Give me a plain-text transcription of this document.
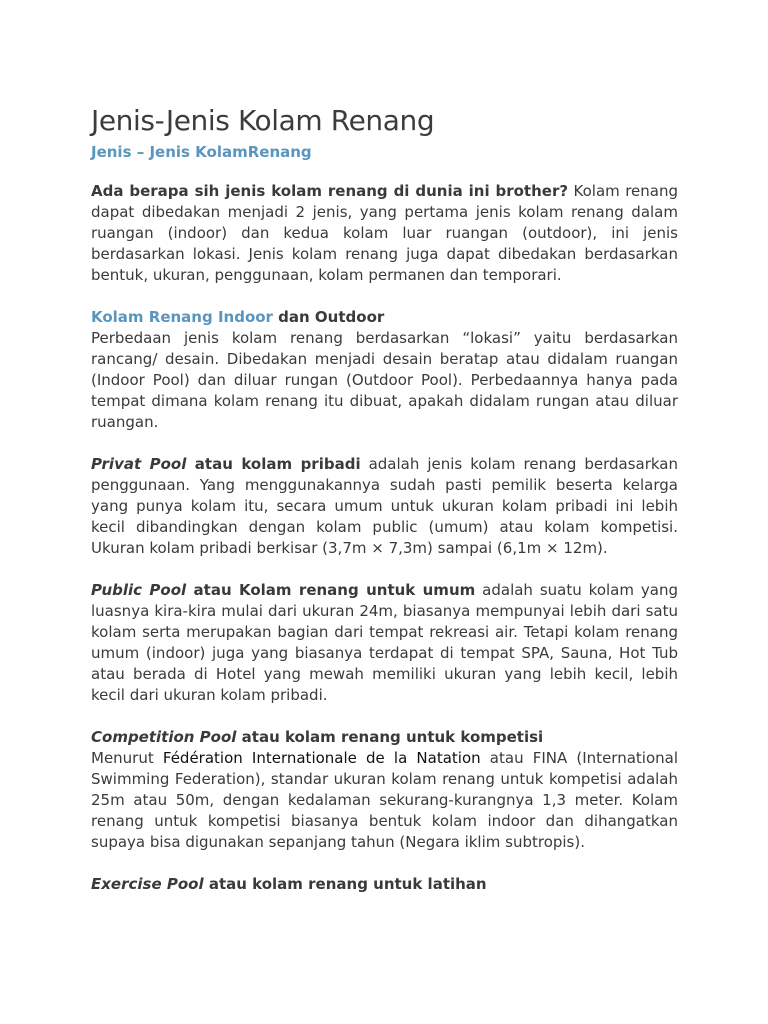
Jenis-Jenis Kolam Renang
Jenis – Jenis KolamRenang

Ada berapa sih jenis kolam renang di dunia ini brother? Kolam renang dapat dibedakan menjadi 2 jenis, yang pertama jenis kolam renang dalam ruangan (indoor) dan kedua kolam luar ruangan (outdoor), ini jenis berdasarkan lokasi. Jenis kolam renang juga dapat dibedakan berdasarkan bentuk, ukuran, penggunaan, kolam permanen dan temporari.

Kolam Renang Indoor dan Outdoor

Perbedaan jenis kolam renang berdasarkan “lokasi” yaitu berdasarkan rancang/ desain. Dibedakan menjadi desain beratap atau didalam ruangan (Indoor Pool) dan diluar rungan (Outdoor Pool). Perbedaannya hanya pada tempat dimana kolam renang itu dibuat, apakah didalam rungan atau diluar ruangan.

Privat Pool atau kolam pribadi adalah jenis kolam renang berdasarkan penggunaan. Yang menggunakannya sudah pasti pemilik beserta kelarga yang punya kolam itu, secara umum untuk ukuran kolam pribadi ini lebih kecil dibandingkan dengan kolam public (umum) atau kolam kompetisi. Ukuran kolam pribadi berkisar (3,7m × 7,3m) sampai (6,1m × 12m).

Public Pool atau Kolam renang untuk umum adalah suatu kolam yang luasnya kira-kira mulai dari ukuran 24m, biasanya mempunyai lebih dari satu kolam serta merupakan bagian dari tempat rekreasi air. Tetapi kolam renang umum (indoor) juga yang biasanya terdapat di tempat SPA, Sauna, Hot Tub atau berada di Hotel yang mewah memiliki ukuran yang lebih kecil, lebih kecil dari ukuran kolam pribadi.

Competition Pool atau kolam renang untuk kompetisi

Menurut Fédération Internationale de la Natation atau FINA (International Swimming Federation), standar ukuran kolam renang untuk kompetisi adalah 25m atau 50m, dengan kedalaman sekurang-kurangnya 1,3 meter. Kolam renang untuk kompetisi biasanya bentuk kolam indoor dan dihangatkan supaya bisa digunakan sepanjang tahun (Negara iklim subtropis).

Exercise Pool atau kolam renang untuk latihan
